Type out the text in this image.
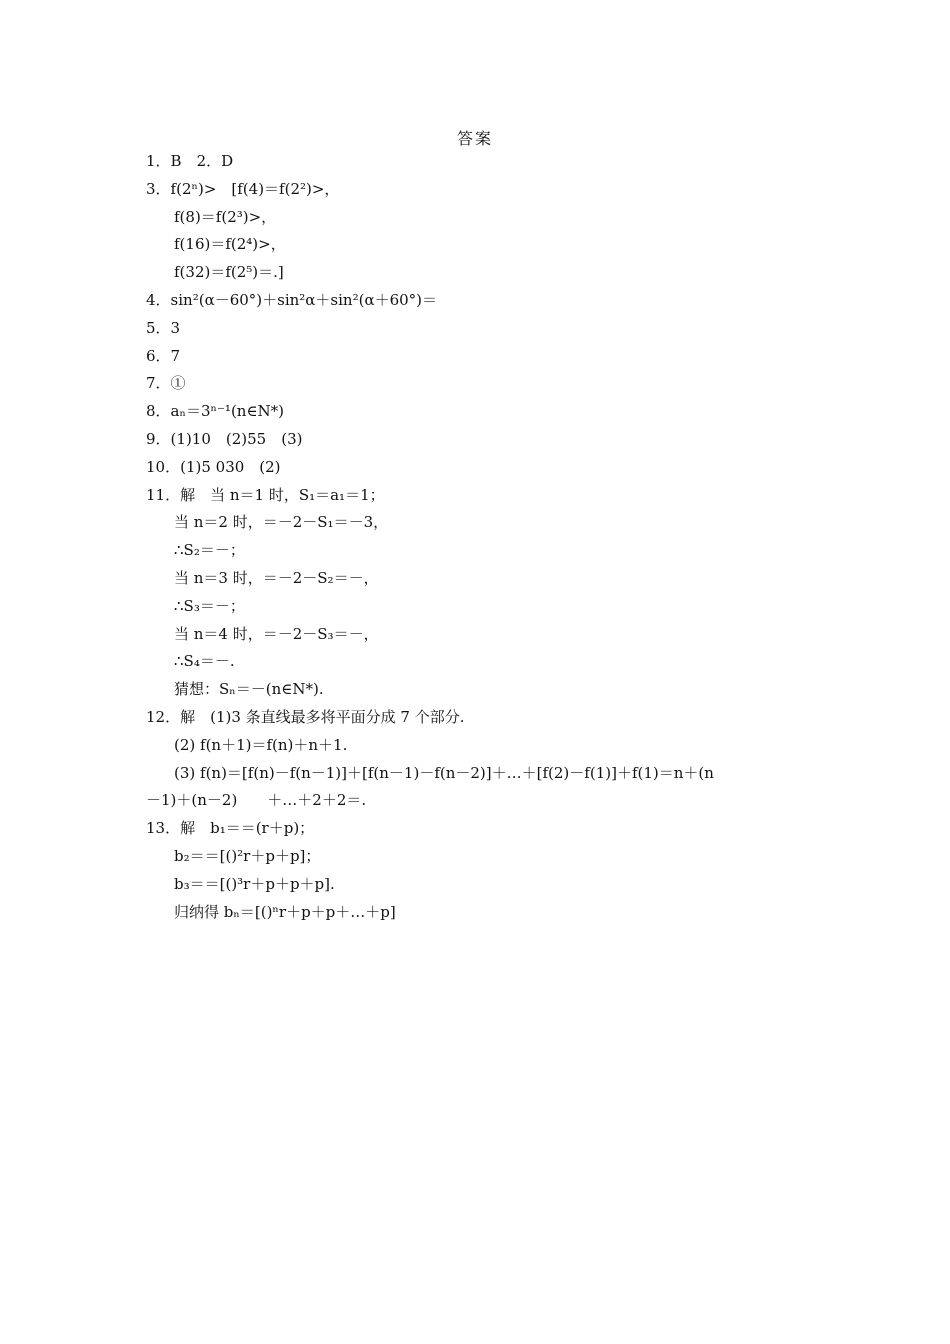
答案
1．B　2．D
3．f(2ⁿ)>　[f(4)＝f(2²)>，
f(8)＝f(2³)>，
f(16)＝f(2⁴)>，
f(32)＝f(2⁵)＝.]
4．sin²(α－60°)＋sin²α＋sin²(α＋60°)＝
5．3
6．7
7．①
8．aₙ＝3ⁿ⁻¹(n∈N*)
9．(1)10　(2)55　(3)
10．(1)5 030　(2)
11．解　当 n＝1 时，S₁＝a₁＝1；
当 n＝2 时，＝－2－S₁＝－3，
∴S₂＝－；
当 n＝3 时，＝－2－S₂＝－，
∴S₃＝－；
当 n＝4 时，＝－2－S₃＝－，
∴S₄＝－.
猜想：Sₙ＝－(n∈N*).
12．解　(1)3 条直线最多将平面分成 7 个部分.
(2) f(n＋1)＝f(n)＋n＋1.
(3) f(n)＝[f(n)－f(n－1)]＋[f(n－1)－f(n－2)]＋…＋[f(2)－f(1)]＋f(1)＝n＋(n
－1)＋(n－2)　　＋…＋2＋2＝.
13．解　b₁＝＝(r＋p)；
b₂＝＝[()²r＋p＋p]；
b₃＝＝[()³r＋p＋p＋p].
归纳得 bₙ＝[()ⁿr＋p＋p＋…＋p]
